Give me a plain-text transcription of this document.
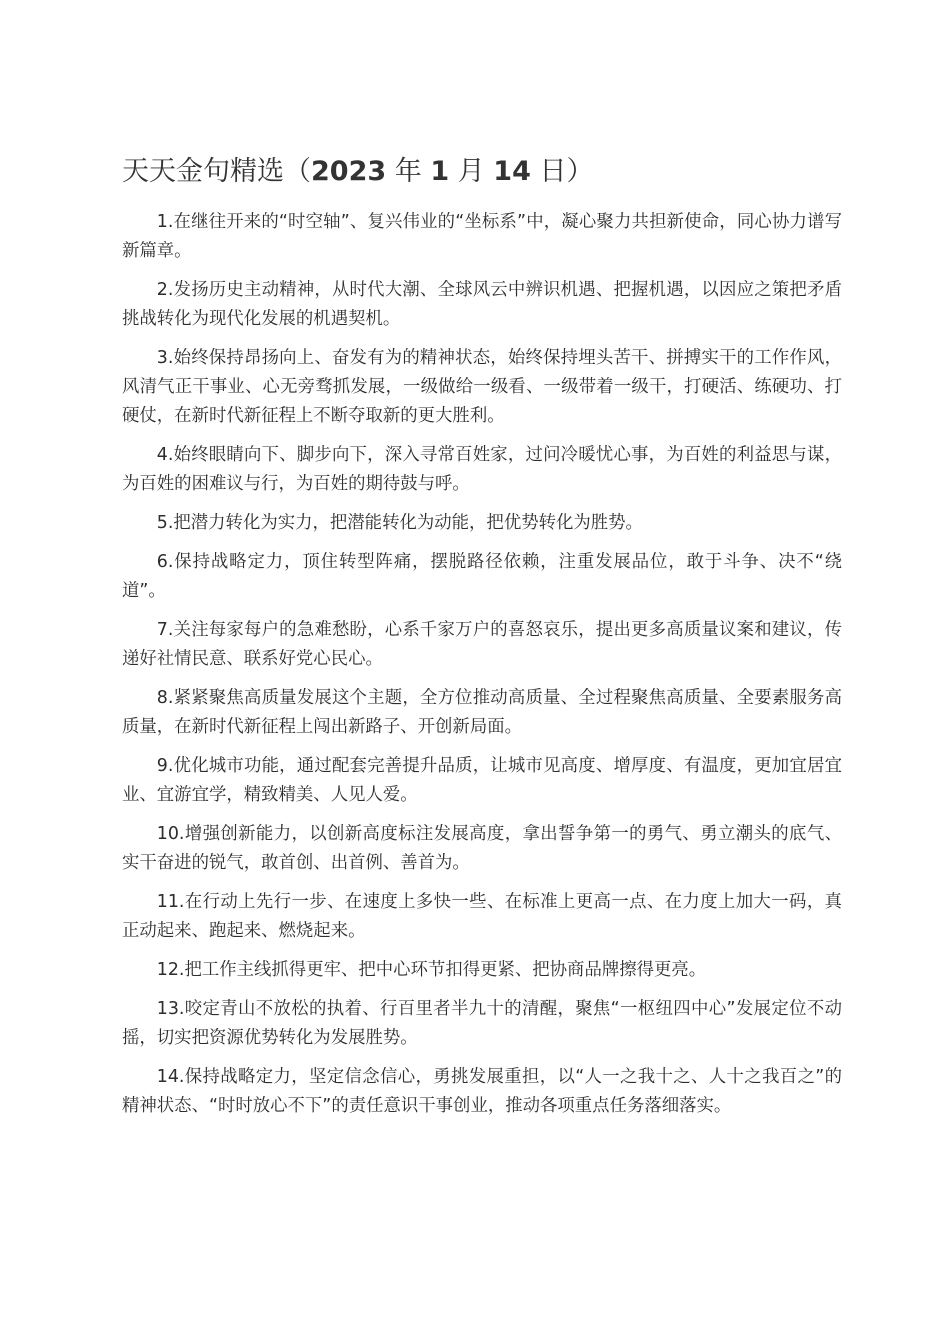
天天金句精选（2023 年 1 月 14 日）

1.在继往开来的“时空轴”、复兴伟业的“坐标系”中，凝心聚力共担新使命，同心协力谱写新篇章。

2.发扬历史主动精神，从时代大潮、全球风云中辨识机遇、把握机遇，以因应之策把矛盾挑战转化为现代化发展的机遇契机。

3.始终保持昂扬向上、奋发有为的精神状态，始终保持埋头苦干、拼搏实干的工作作风，风清气正干事业、心无旁骛抓发展，一级做给一级看、一级带着一级干，打硬活、练硬功、打硬仗，在新时代新征程上不断夺取新的更大胜利。

4.始终眼睛向下、脚步向下，深入寻常百姓家，过问冷暖忧心事，为百姓的利益思与谋，为百姓的困难议与行，为百姓的期待鼓与呼。

5.把潜力转化为实力，把潜能转化为动能，把优势转化为胜势。

6.保持战略定力，顶住转型阵痛，摆脱路径依赖，注重发展品位，敢于斗争、决不“绕道”。

7.关注每家每户的急难愁盼，心系千家万户的喜怒哀乐，提出更多高质量议案和建议，传递好社情民意、联系好党心民心。

8.紧紧聚焦高质量发展这个主题，全方位推动高质量、全过程聚焦高质量、全要素服务高质量，在新时代新征程上闯出新路子、开创新局面。

9.优化城市功能，通过配套完善提升品质，让城市见高度、增厚度、有温度，更加宜居宜业、宜游宜学，精致精美、人见人爱。

10.增强创新能力，以创新高度标注发展高度，拿出誓争第一的勇气、勇立潮头的底气、实干奋进的锐气，敢首创、出首例、善首为。

11.在行动上先行一步、在速度上多快一些、在标准上更高一点、在力度上加大一码，真正动起来、跑起来、燃烧起来。

12.把工作主线抓得更牢、把中心环节扣得更紧、把协商品牌擦得更亮。

13.咬定青山不放松的执着、行百里者半九十的清醒，聚焦“一枢纽四中心”发展定位不动摇，切实把资源优势转化为发展胜势。

14.保持战略定力，坚定信念信心，勇挑发展重担，以“人一之我十之、人十之我百之”的精神状态、“时时放心不下”的责任意识干事创业，推动各项重点任务落细落实。
